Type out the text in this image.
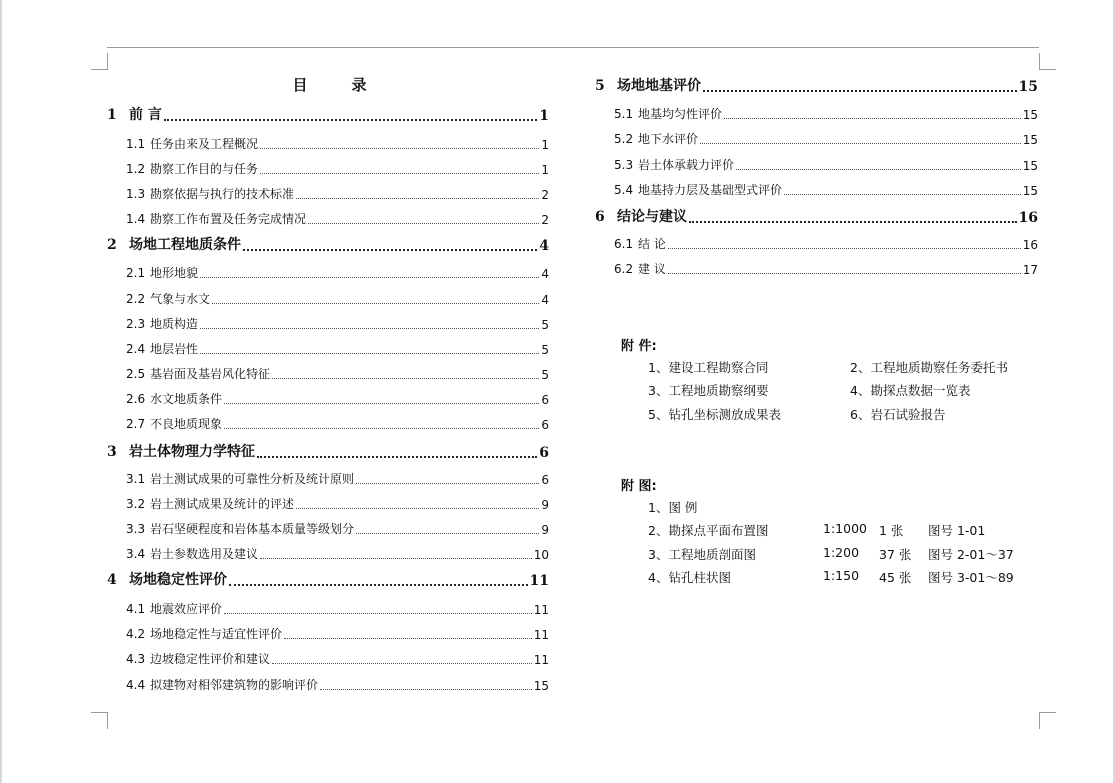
目	录
1 前 言	1
1.1 任务由来及工程概况	1
1.2 勘察工作目的与任务	1
1.3 勘察依据与执行的技术标准	2
1.4 勘察工作布置及任务完成情况	2
2 场地工程地质条件	4
2.1 地形地貌	4
2.2 气象与水文	4
2.3 地质构造	5
2.4 地层岩性	5
2.5 基岩面及基岩风化特征	5
2.6 水文地质条件	6
2.7 不良地质现象	6
3 岩土体物理力学特征	6
3.1 岩土测试成果的可靠性分析及统计原则	6
3.2 岩土测试成果及统计的评述	9
3.3 岩石坚硬程度和岩体基本质量等级划分	9
3.4 岩土参数选用及建议	10
4 场地稳定性评价	11
4.1 地震效应评价	11
4.2 场地稳定性与适宜性评价	11
4.3 边坡稳定性评价和建议	11
4.4 拟建物对相邻建筑物的影响评价	15
5 场地地基评价	15
5.1 地基均匀性评价	15
5.2 地下水评价	15
5.3 岩土体承载力评价	15
5.4 地基持力层及基础型式评价	15
6 结论与建议	16
6.1 结 论	16
6.2 建 议	17
附 件:
1、建设工程勘察合同	2、工程地质勘察任务委托书
3、工程地质勘察纲要	4、勘探点数据一览表
5、钻孔坐标测放成果表	6、岩石试验报告
附 图:
1、图 例
2、勘探点平面布置图	1:1000 1 张 图号 1-01
3、工程地质剖面图	1:200 37 张 图号 2-01～37
4、钻孔柱状图	1:150 45 张 图号 3-01～89
